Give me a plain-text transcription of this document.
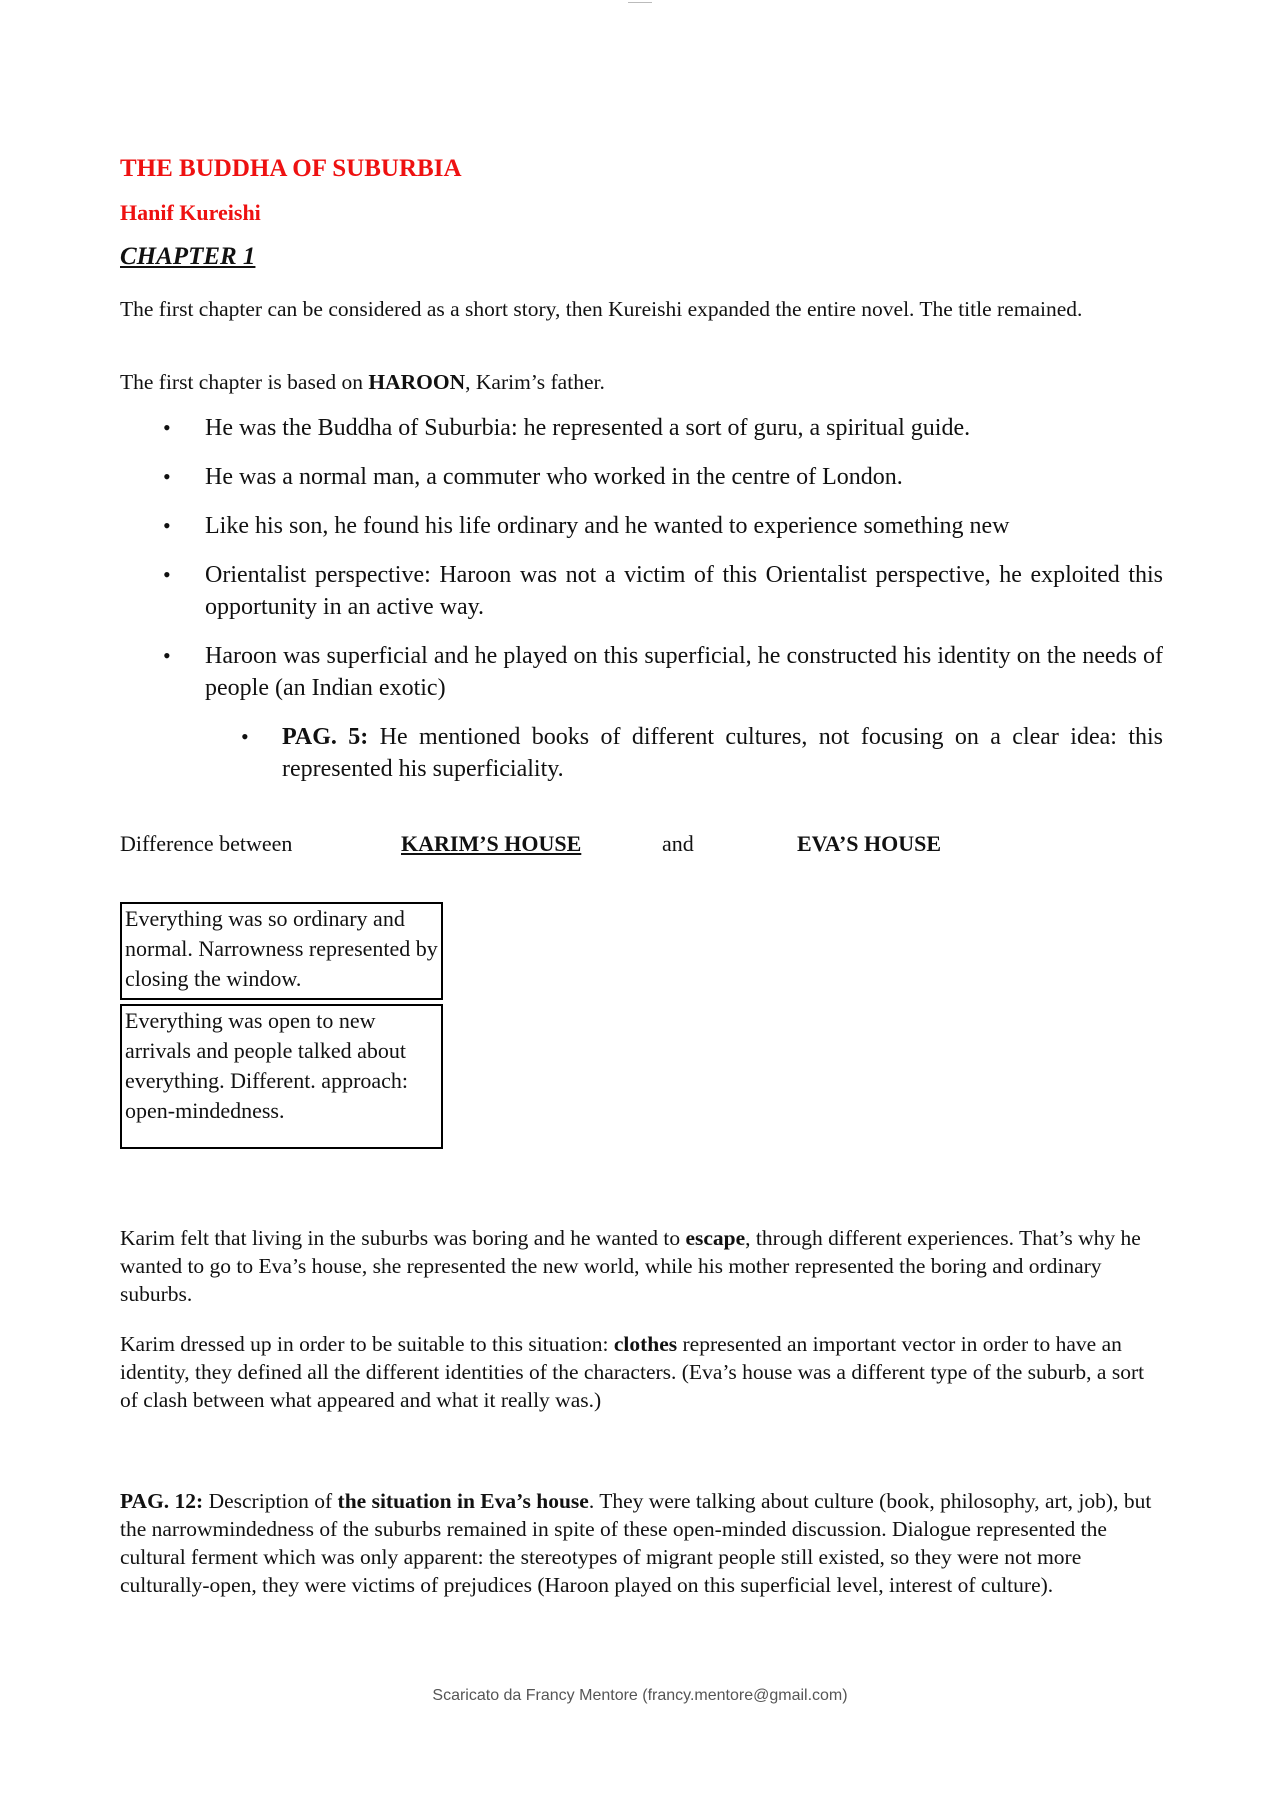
THE BUDDHA OF SUBURBIA
Hanif Kureishi
CHAPTER 1

The first chapter can be considered as a short story, then Kureishi expanded the entire novel. The title remained.

The first chapter is based on HAROON, Karim’s father.

• He was the Buddha of Suburbia: he represented a sort of guru, a spiritual guide.
• He was a normal man, a commuter who worked in the centre of London.
• Like his son, he found his life ordinary and he wanted to experience something new
• Orientalist perspective: Haroon was not a victim of this Orientalist perspective, he exploited this opportunity in an active way.
• Haroon was superficial and he played on this superficial, he constructed his identity on the needs of people (an Indian exotic)
• PAG. 5: He mentioned books of different cultures, not focusing on a clear idea: this represented his superficiality.
Difference between	KARIM’S HOUSE	and	EVA’S HOUSE
Everything was so ordinary and normal. Narrowness represented by closing the window.
Everything was open to new arrivals and people talked about everything. Different. approach: open-mindedness.

Karim felt that living in the suburbs was boring and he wanted to escape, through different experiences. That’s why he wanted to go to Eva’s house, she represented the new world, while his mother represented the boring and ordinary suburbs.

Karim dressed up in order to be suitable to this situation: clothes represented an important vector in order to have an identity, they defined all the different identities of the characters. (Eva’s house was a different type of the suburb, a sort of clash between what appeared and what it really was.)

PAG. 12: Description of the situation in Eva’s house. They were talking about culture (book, philosophy, art, job), but the narrowmindedness of the suburbs remained in spite of these open-minded discussion. Dialogue represented the cultural ferment which was only apparent: the stereotypes of migrant people still existed, so they were not more culturally-open, they were victims of prejudices (Haroon played on this superficial level, interest of culture).

Scaricato da Francy Mentore (francy.mentore@gmail.com)
